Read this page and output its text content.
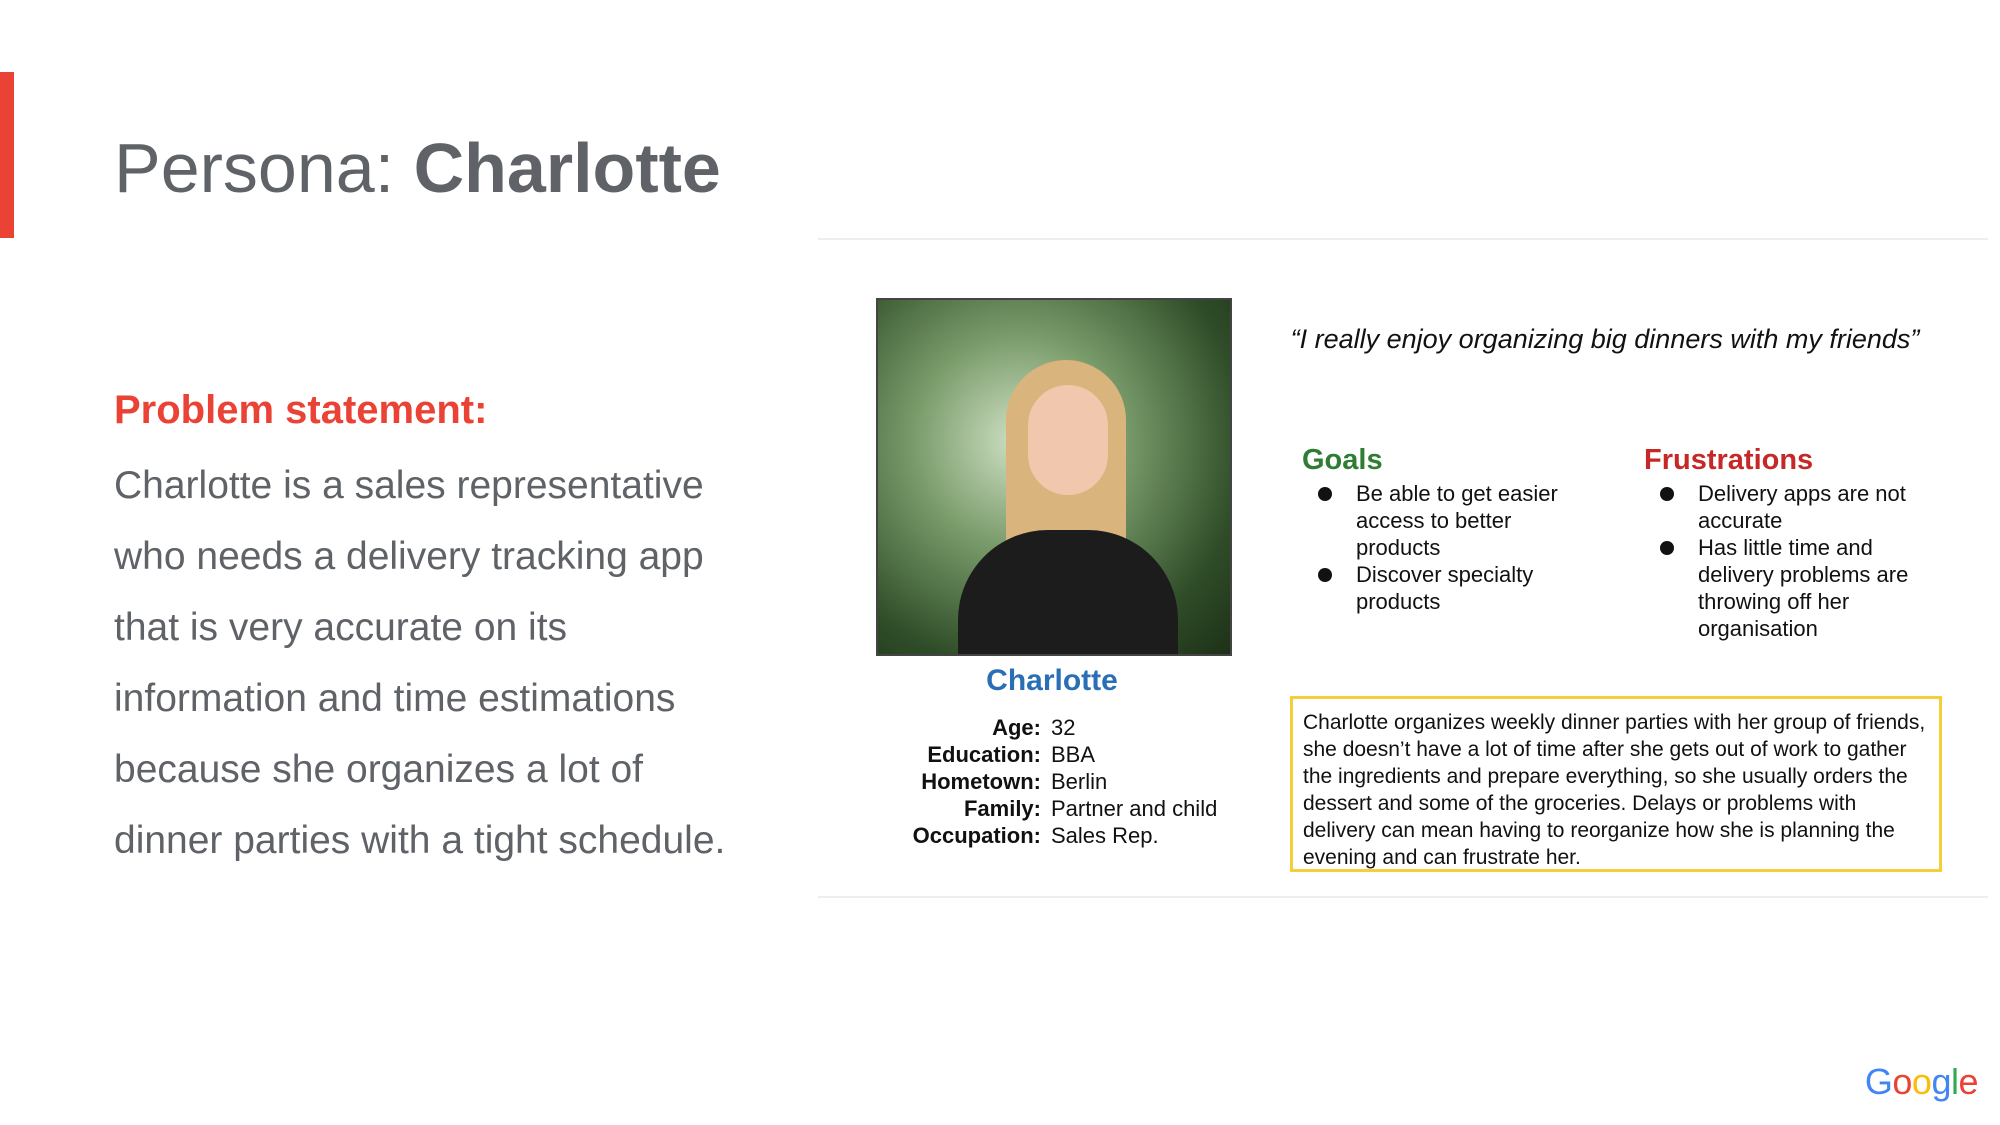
Persona: Charlotte

Problem statement:

Charlotte is a sales representative who needs a delivery tracking app that is very accurate on its information and time estimations because she organizes a lot of dinner parties with a tight schedule.

Charlotte
Age: 32
Education: BBA
Hometown: Berlin
Family: Partner and child
Occupation: Sales Rep.
“I really enjoy organizing big dinners with my friends”
Goals
Be able to get easier access to better products
Discover specialty products
Frustrations
Delivery apps are not accurate
Has little time and delivery problems are throwing off her organisation
Charlotte organizes weekly dinner parties with her group of friends, she doesn’t have a lot of time after she gets out of work to gather the ingredients and prepare everything, so she usually orders the dessert and some of the groceries. Delays or problems with delivery can mean having to reorganize how she is planning the evening and can frustrate her.
Google
